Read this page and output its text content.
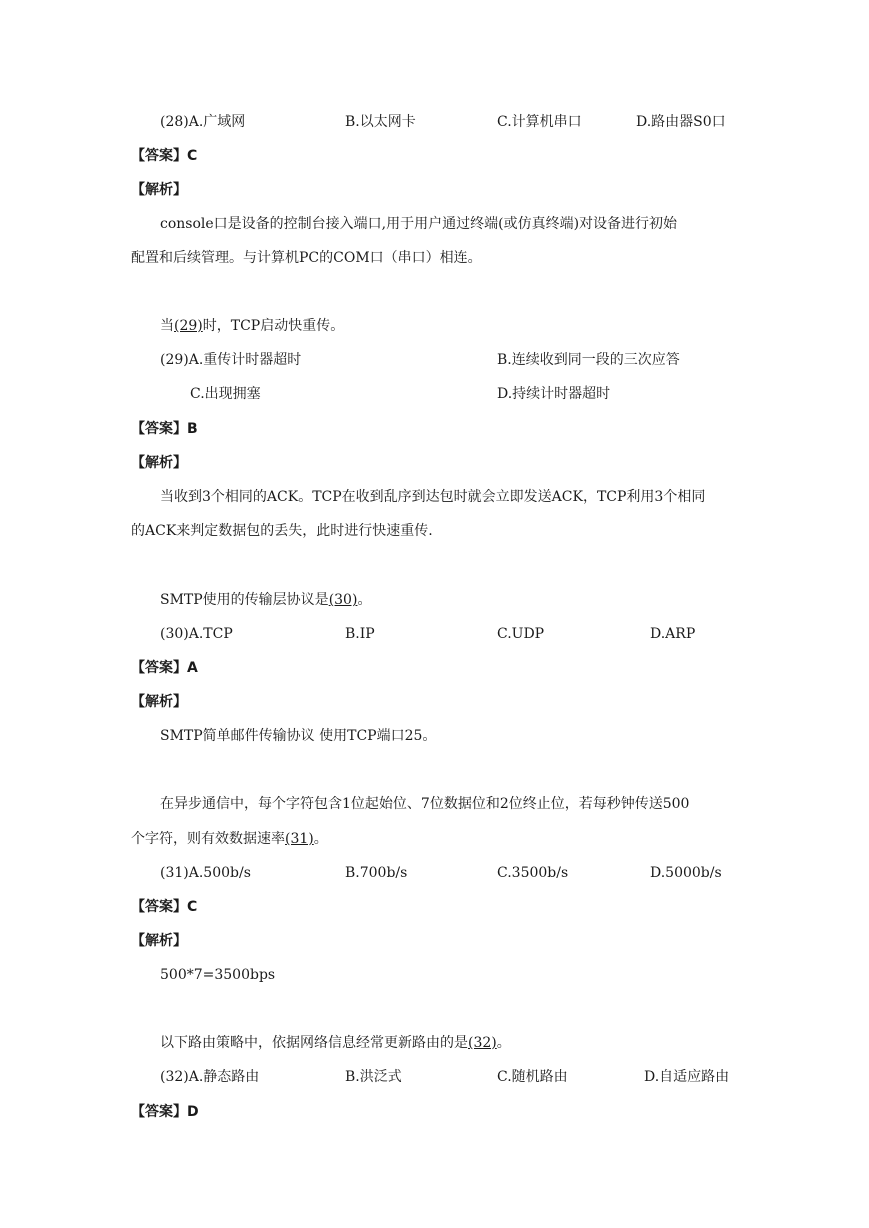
(28)A.广域网	B.以太网卡	C.计算机串口	D.路由器S0口
【答案】C
【解析】
console口是设备的控制台接入端口,用于用户通过终端(或仿真终端)对设备进行初始
配置和后续管理。与计算机PC的COM口（串口）相连。
当(29)时，TCP启动快重传。
(29)A.重传计时器超时	B.连续收到同一段的三次应答
C.出现拥塞	D.持续计时器超时
【答案】B
【解析】
当收到3个相同的ACK。TCP在收到乱序到达包时就会立即发送ACK，TCP利用3个相同
的ACK来判定数据包的丢失，此时进行快速重传.
SMTP使用的传输层协议是(30)。
(30)A.TCP	B.IP	C.UDP	D.ARP
【答案】A
【解析】
SMTP简单邮件传输协议 使用TCP端口25。
在异步通信中，每个字符包含1位起始位、7位数据位和2位终止位，若每秒钟传送500
个字符，则有效数据速率(31)。
(31)A.500b/s	B.700b/s	C.3500b/s	D.5000b/s
【答案】C
【解析】
500*7=3500bps
以下路由策略中，依据网络信息经常更新路由的是(32)。
(32)A.静态路由	B.洪泛式	C.随机路由	D.自适应路由
【答案】D
